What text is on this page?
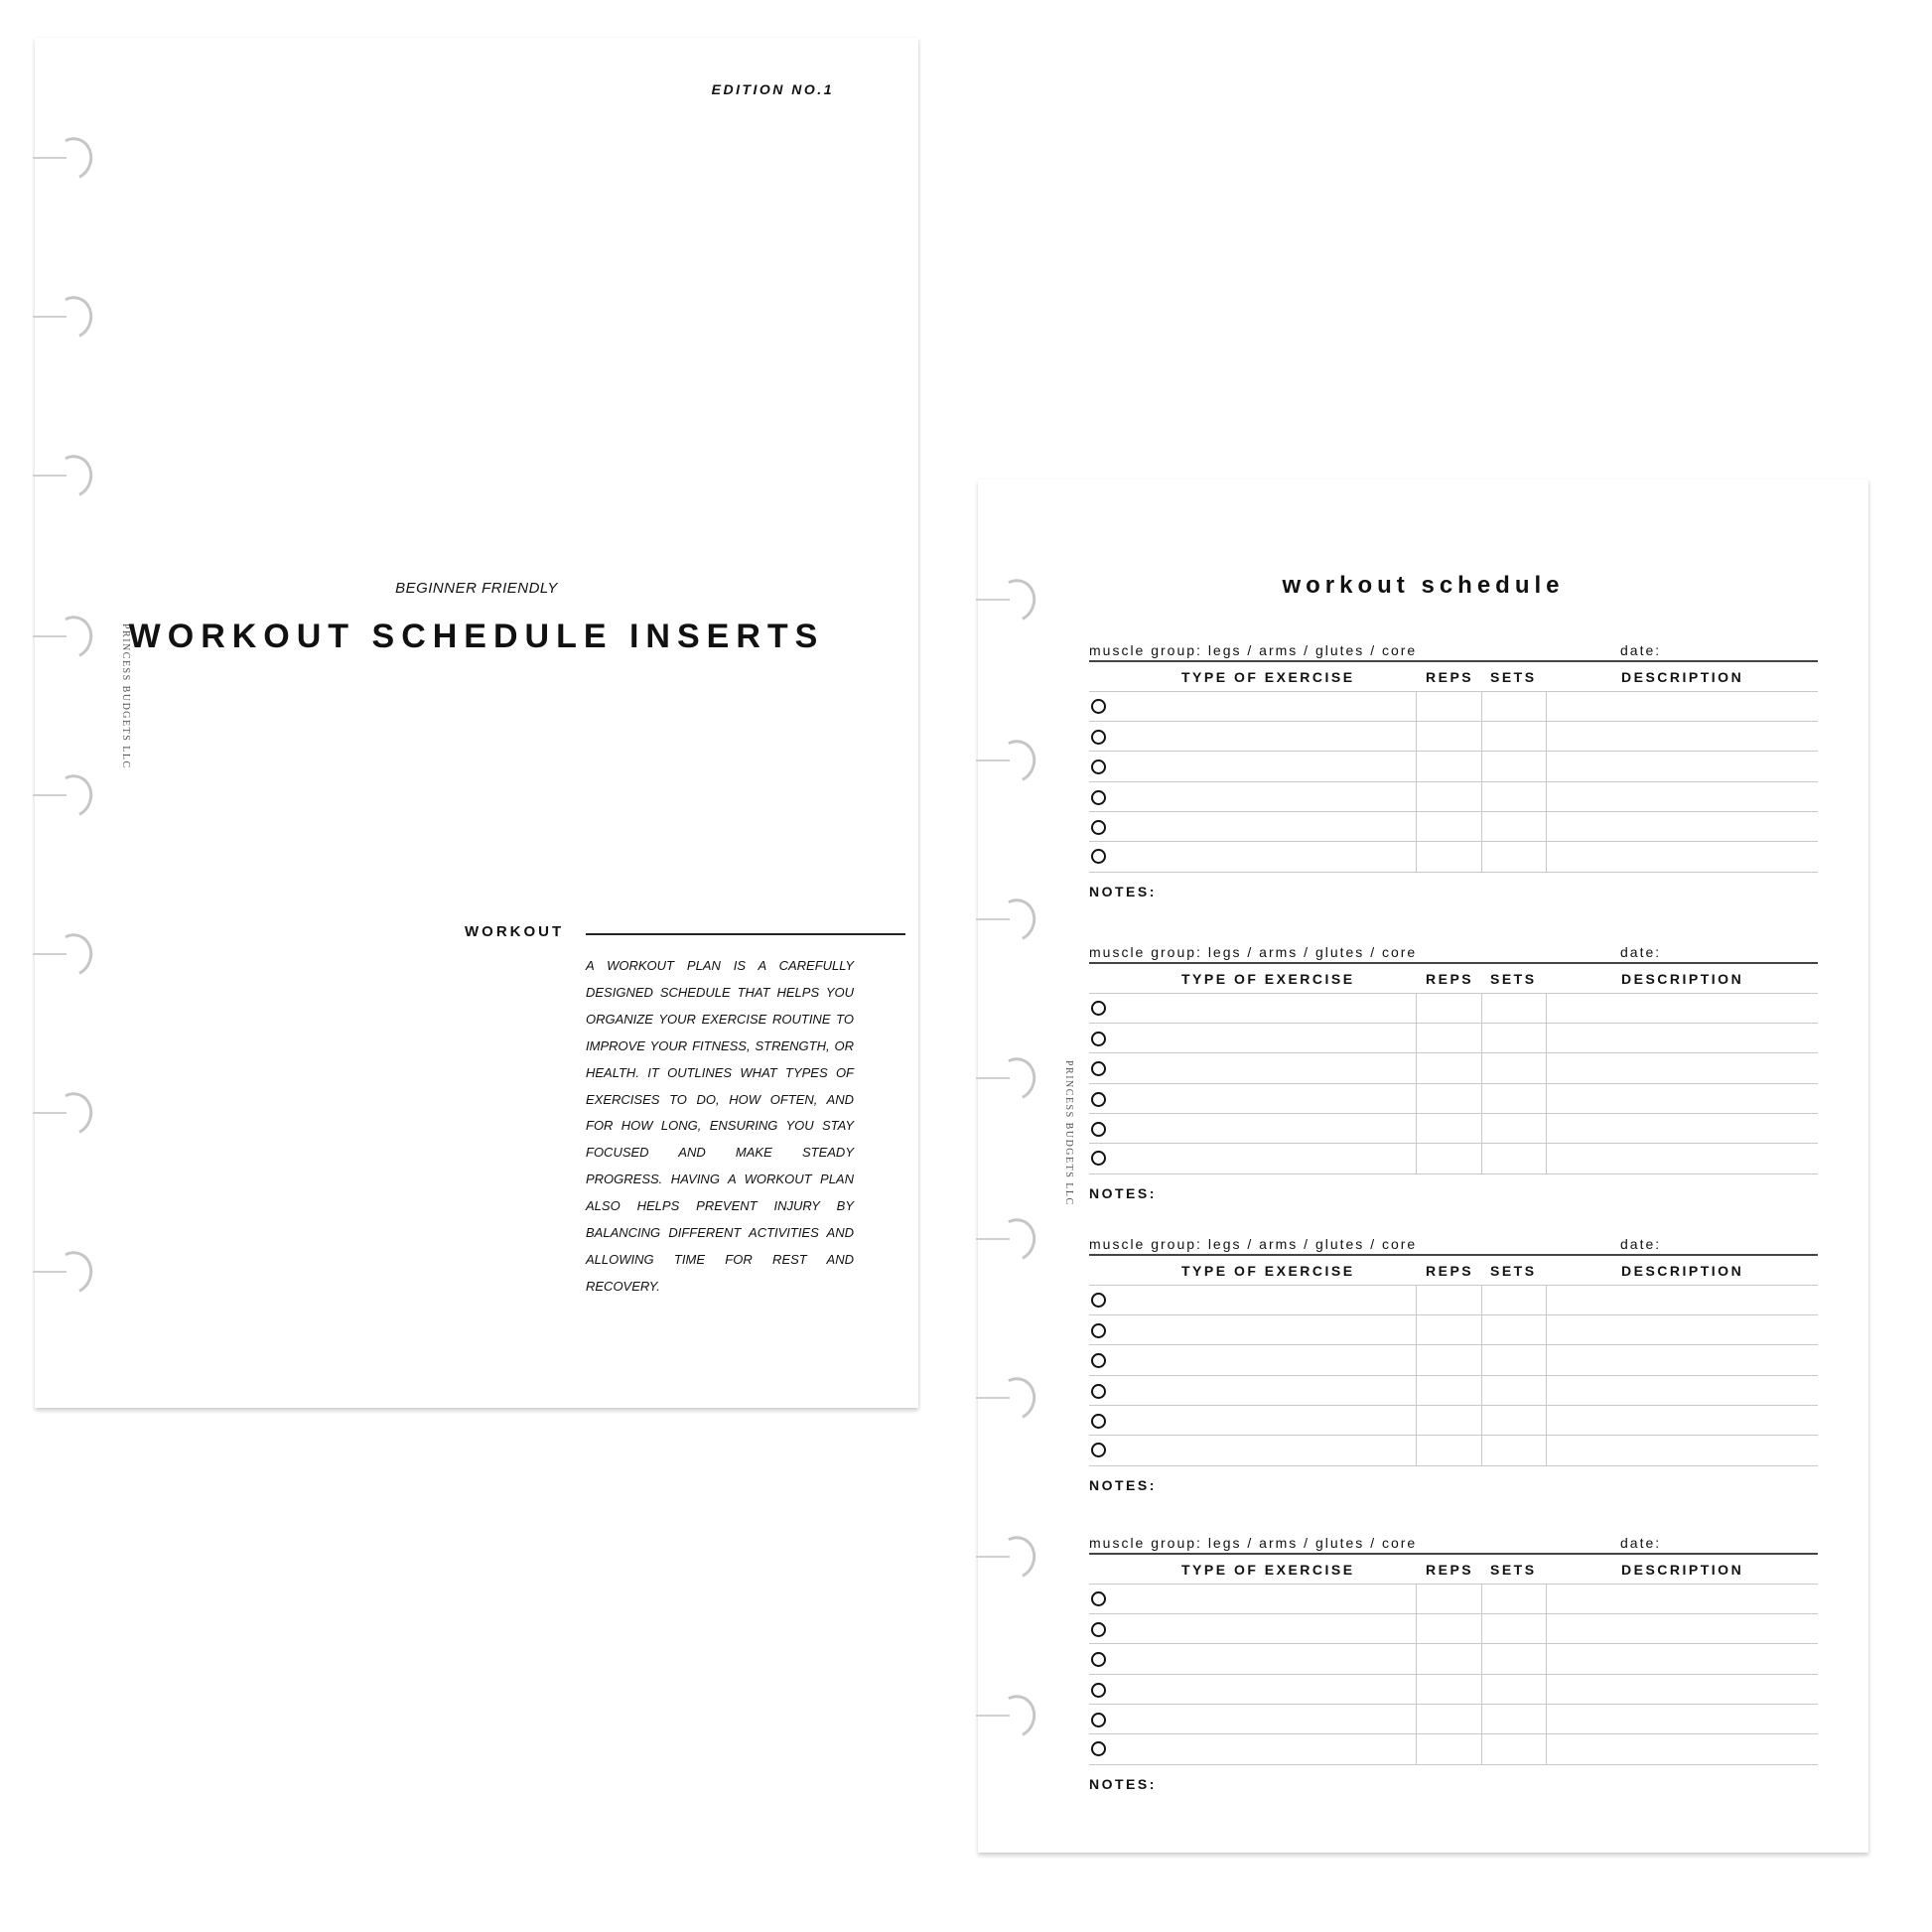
PRINCESS BUDGETS LLC
EDITION NO.1
BEGINNER FRIENDLY
WORKOUT SCHEDULE INSERTS
WORKOUT

A WORKOUT PLAN IS A CAREFULLY DESIGNED SCHEDULE THAT HELPS YOU ORGANIZE YOUR EXERCISE ROUTINE TO IMPROVE YOUR FITNESS, STRENGTH, OR HEALTH. IT OUTLINES WHAT TYPES OF EXERCISES TO DO, HOW OFTEN, AND FOR HOW LONG, ENSURING YOU STAY FOCUSED AND MAKE STEADY PROGRESS. HAVING A WORKOUT PLAN ALSO HELPS PREVENT INJURY BY BALANCING DIFFERENT ACTIVITIES AND ALLOWING TIME FOR REST AND RECOVERY.

PRINCESS BUDGETS LLC
workout schedule
muscle group: legs / arms / glutes / core	date:
TYPE OF EXERCISE	REPS SETS	DESCRIPTION
NOTES:
muscle group: legs / arms / glutes / core	date:
TYPE OF EXERCISE	REPS SETS	DESCRIPTION
NOTES:
muscle group: legs / arms / glutes / core	date:
TYPE OF EXERCISE	REPS SETS	DESCRIPTION
NOTES:
muscle group: legs / arms / glutes / core	date:
TYPE OF EXERCISE	REPS SETS	DESCRIPTION
NOTES:
